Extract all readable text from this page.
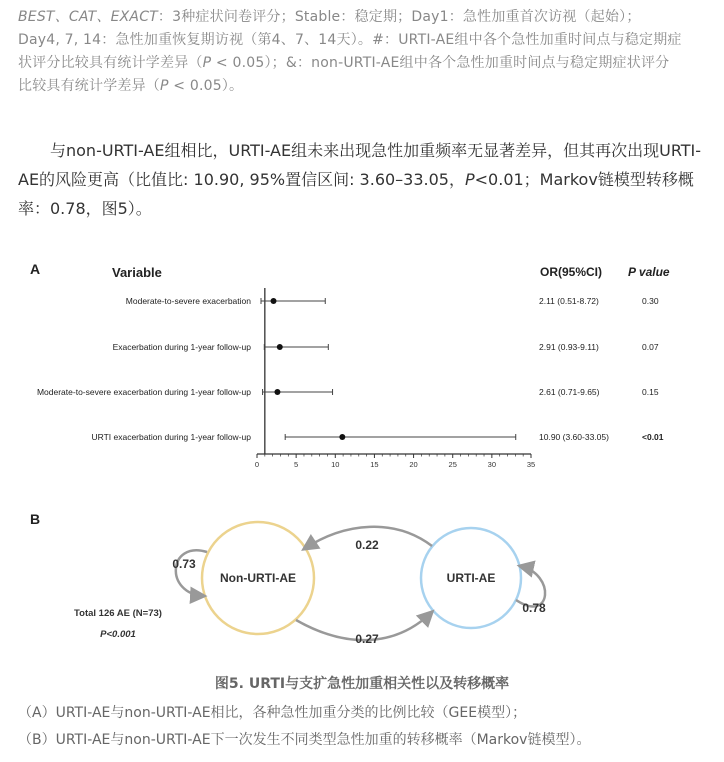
BEST、CAT、EXACT：3种症状问卷评分；Stable：稳定期；Day1：急性加重首次访视（起始）；
Day4, 7, 14：急性加重恢复期访视（第4、7、14天）。#：URTI-AE组中各个急性加重时间点与稳定期症
状评分比较具有统计学差异（P < 0.05）；&：non-URTI-AE组中各个急性加重时间点与稳定期症状评分
比较具有统计学差异（P < 0.05）。
与non-URTI-AE组相比，URTI-AE组未来出现急性加重频率无显著差异，但其再次出现URTI-AE的风险更高（比值比: 10.90, 95%置信区间: 3.60–33.05，P<0.01；Markov链模型转移概率：0.78，图5）。
A	Variable	OR(95%CI) P value
0	5	10	15	20	25	30	35
Moderate-to-severe exacerbation	2.11 (0.51-8.72)	0.30
Exacerbation during 1-year follow-up	2.91 (0.93-9.11)	0.07
Moderate-to-severe exacerbation during 1-year follow-up	2.61 (0.71-9.65)	0.15
URTI exacerbation during 1-year follow-up	10.90 (3.60-33.05)	<0.01
B
Non-URTI-AE	URTI-AE
0.22
0.27
0.73
0.78
Total 126 AE (N=73)
P<0.001
图5. URTI与支扩急性加重相关性以及转移概率
（A）URTI-AE与non-URTI-AE相比，各种急性加重分类的比例比较（GEE模型）；
（B）URTI-AE与non-URTI-AE下一次发生不同类型急性加重的转移概率（Markov链模型）。
